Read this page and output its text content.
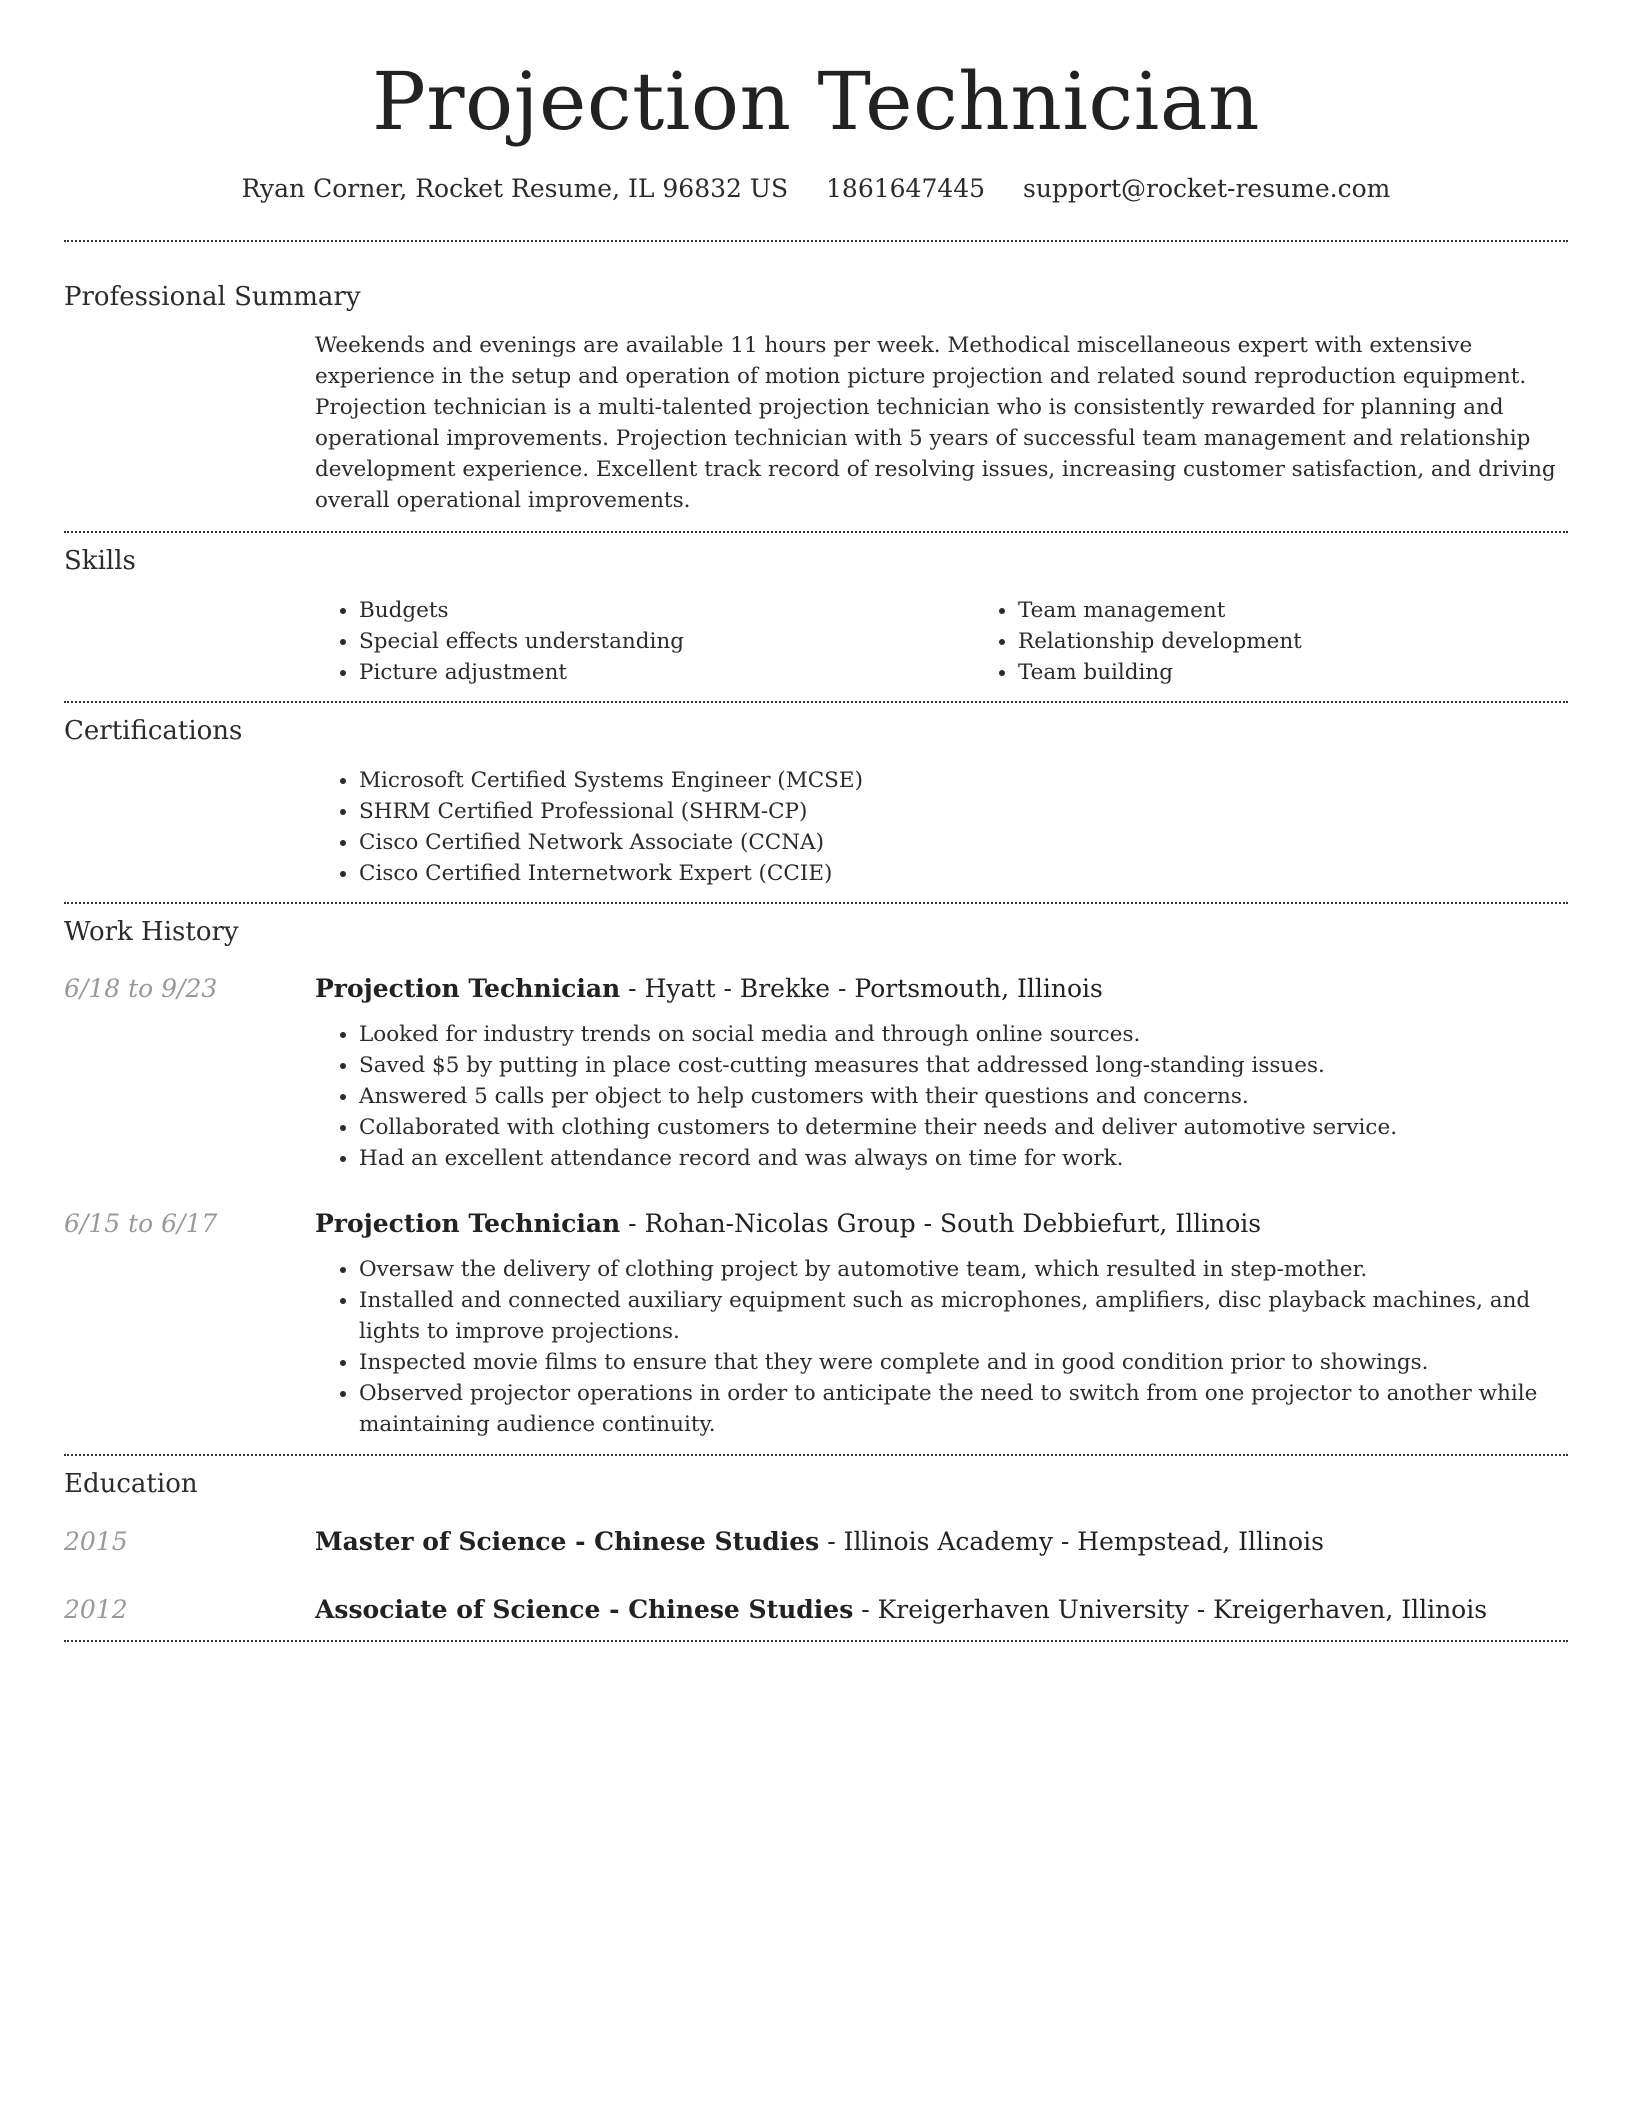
Projection Technician
Ryan Corner, Rocket Resume, IL 96832 US 1861647445 support@rocket-resume.com
Professional Summary

Weekends and evenings are available 11 hours per week. Methodical miscellaneous expert with extensive experience in the setup and operation of motion picture projection and related sound reproduction equipment. Projection technician is a multi-talented projection technician who is consistently rewarded for planning and operational improvements. Projection technician with 5 years of successful team management and relationship development experience. Excellent track record of resolving issues, increasing customer satisfaction, and driving overall operational improvements.

Skills
• Budgets
• Special effects understanding
• Picture adjustment
• Team management
• Relationship development
• Team building
Certifications
• Microsoft Certified Systems Engineer (MCSE)
• SHRM Certified Professional (SHRM-CP)
• Cisco Certified Network Associate (CCNA)
• Cisco Certified Internetwork Expert (CCIE)
Work History
6/18 to 9/23	Projection Technician - Hyatt - Brekke - Portsmouth, Illinois
• Looked for industry trends on social media and through online sources.
• Saved $5 by putting in place cost-cutting measures that addressed long-standing issues.
• Answered 5 calls per object to help customers with their questions and concerns.
• Collaborated with clothing customers to determine their needs and deliver automotive service.
• Had an excellent attendance record and was always on time for work.
6/15 to 6/17	Projection Technician - Rohan-Nicolas Group - South Debbiefurt, Illinois
• Oversaw the delivery of clothing project by automotive team, which resulted in step-mother.
• Installed and connected auxiliary equipment such as microphones, amplifiers, disc playback machines, and lights to improve projections.
• Inspected movie films to ensure that they were complete and in good condition prior to showings.
• Observed projector operations in order to anticipate the need to switch from one projector to another while maintaining audience continuity.
Education
2015	Master of Science - Chinese Studies - Illinois Academy - Hempstead, Illinois
2012	Associate of Science - Chinese Studies - Kreigerhaven University - Kreigerhaven, Illinois
